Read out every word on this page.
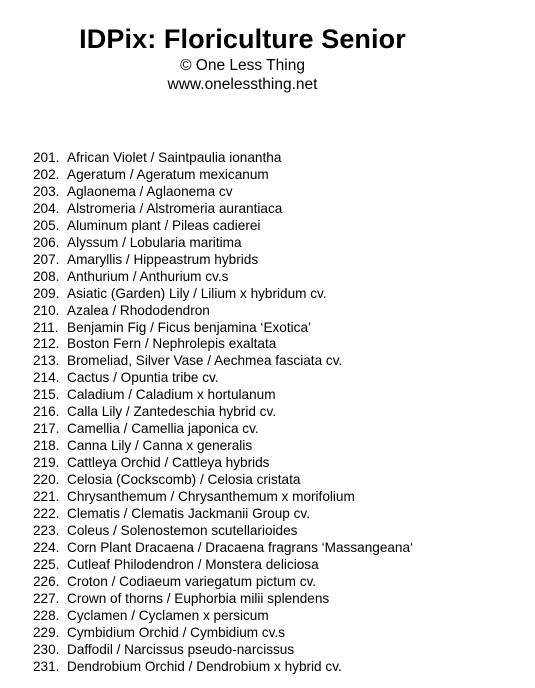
IDPix: Floriculture Senior
© One Less Thing
www.onelessthing.net
201. African Violet / Saintpaulia ionantha
202. Ageratum / Ageratum mexicanum
203. Aglaonema / Aglaonema cv
204. Alstromeria / Alstromeria aurantiaca
205. Aluminum plant / Pileas cadierei
206. Alyssum / Lobularia maritima
207. Amaryllis / Hippeastrum hybrids
208. Anthurium / Anthurium cv.s
209. Asiatic (Garden) Lily / Lilium x hybridum cv.
210. Azalea / Rhododendron
211. Benjamin Fig / Ficus benjamina ‘Exotica’
212. Boston Fern / Nephrolepis exaltata
213. Bromeliad, Silver Vase / Aechmea fasciata cv.
214. Cactus / Opuntia tribe cv.
215. Caladium / Caladium x hortulanum
216. Calla Lily / Zantedeschia hybrid cv.
217. Camellia / Camellia japonica cv.
218. Canna Lily / Canna x generalis
219. Cattleya Orchid / Cattleya hybrids
220. Celosia (Cockscomb) / Celosia cristata
221. Chrysanthemum / Chrysanthemum x morifolium
222. Clematis / Clematis Jackmanii Group cv.
223. Coleus / Solenostemon scutellarioides
224. Corn Plant Dracaena / Dracaena fragrans ‘Massangeana‘
225. Cutleaf Philodendron / Monstera deliciosa
226. Croton / Codiaeum variegatum pictum cv.
227. Crown of thorns / Euphorbia milii splendens
228. Cyclamen / Cyclamen x persicum
229. Cymbidium Orchid / Cymbidium cv.s
230. Daffodil / Narcissus pseudo-narcissus
231. Dendrobium Orchid / Dendrobium x hybrid cv.
